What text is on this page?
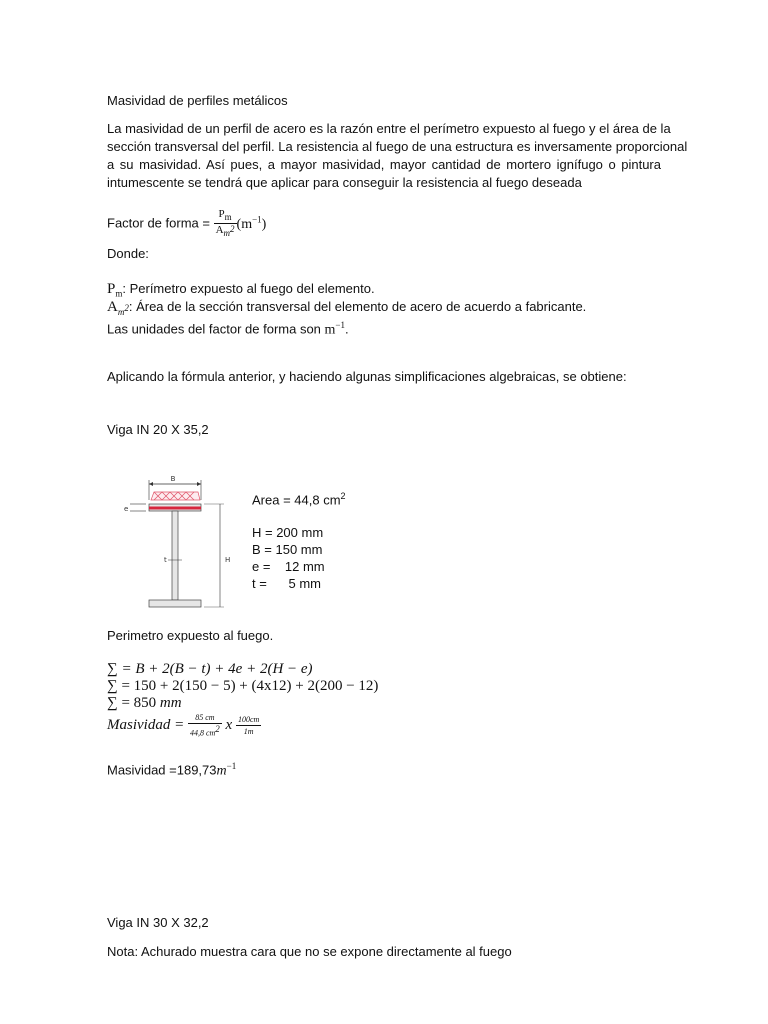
Masividad de perfiles metálicos
La masividad de un perfil de acero es la razón entre el perímetro expuesto al fuego y el área de la
sección transversal del perfil. La resistencia al fuego de una estructura es inversamente proporcional
a su masividad. Así pues, a mayor masividad, mayor cantidad de mortero ignífugo o pintura
intumescente se tendrá que aplicar para conseguir la resistencia al fuego deseada
Factor de forma = $\frac{P_m}{A_{m^2}} (m^{-1})$
Donde:
$P_m$: Perímetro expuesto al fuego del elemento.
$A_{m^2}$: Área de la sección transversal del elemento de acero de acuerdo a fabricante.
Las unidades del factor de forma son $m^{-1}$.
Aplicando la fórmula anterior, y haciendo algunas simplificaciones algebraicas, se obtiene:
Viga IN 20 X 35,2
B
e
t	H
Area = 44,8 $cm^2$
H = 200 mm
B = 150 mm
e =    12 mm
t =      5 mm
Perimetro expuesto al fuego.
∑ = B + 2(B − t) + 4e + 2(H − e)
∑ = 150 + 2(150 − 5) + (4x12) + 2(200 − 12)
∑ = 850 mm
Masividad = $\frac{85 cm}{44,8 cm^2}$ x $\frac{100cm}{1m}$
Masividad $=189,73m^{-1}$
Viga IN 30 X 32,2
Nota: Achurado muestra cara que no se expone directamente al fuego
